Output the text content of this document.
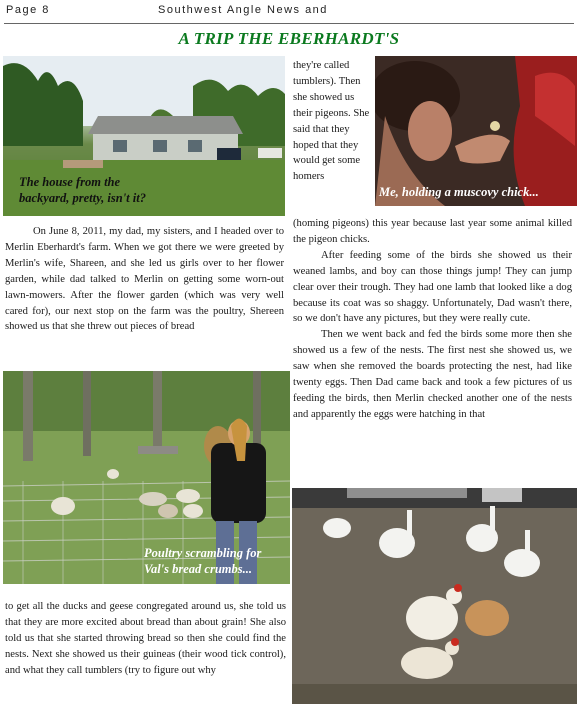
Page 8	Southwest Angle News and
A TRIP THE EBERHARDT'S
The house from the backyard, pretty, isn't it?	Me, holding a muscovy chick...
Poultry scrambling for Val's bread crumbs...
On June 8, 2011, my dad, my sisters, and I headed over to Merlin Eberhardt's farm. When we got there we were greeted by Merlin's wife, Shareen, and she led us girls over to her flower garden, while dad talked to Merlin on getting some worn-out lawn-mowers. After the flower garden (which was very well cared for), our next stop on the farm was the poultry, Shereen showed us that she threw out pieces of bread
to get all the ducks and geese congregated around us, she told us that they are more excited about bread than about grain! She also told us that she started throwing bread so then she could find the nests. Next she showed us their guineas (their wood tick control), and what they call tumblers (try to figure out why
they're called tumblers). Then she showed us their pigeons. She said that they hoped that they would get some homers

(homing pigeons) this year because last year some animal killed the pigeon chicks.

After feeding some of the birds she showed us their weaned lambs, and boy can those things jump! They can jump clear over their trough. They had one lamb that looked like a dog because its coat was so shaggy. Unfortunately, Dad wasn't there, so we don't have any pictures, but they were really cute.

Then we went back and fed the birds some more then she showed us a few of the nests. The first nest she showed us, we saw when she removed the boards protecting the nest, had like twenty eggs. Then Dad came back and took a few pictures of us feeding the birds, then Merlin checked another one of the nests and apparently the eggs were hatching in that
